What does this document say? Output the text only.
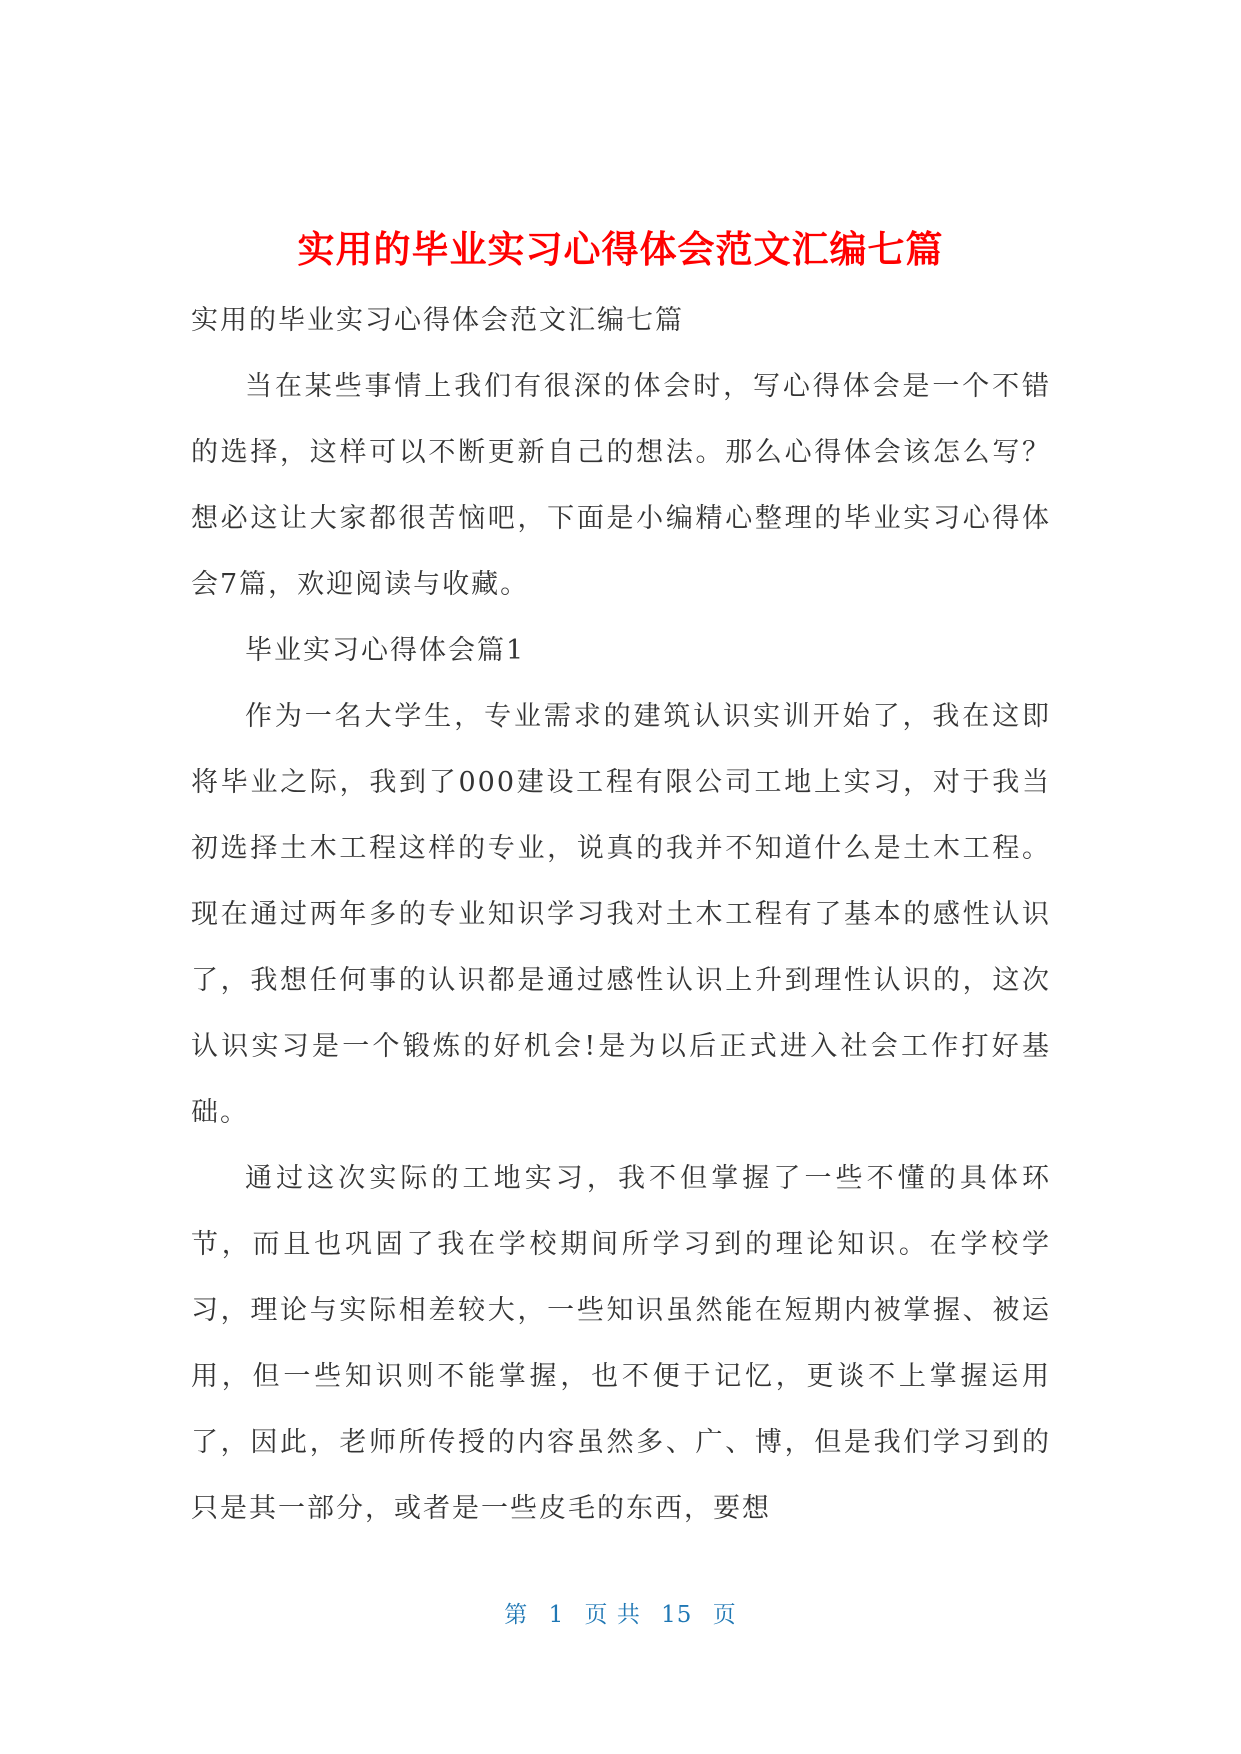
实用的毕业实习心得体会范文汇编七篇

实用的毕业实习心得体会范文汇编七篇

当在某些事情上我们有很深的体会时，写心得体会是一个不错的选择，这样可以不断更新自己的想法。那么心得体会该怎么写？想必这让大家都很苦恼吧，下面是小编精心整理的毕业实习心得体会7篇，欢迎阅读与收藏。

毕业实习心得体会篇1

作为一名大学生，专业需求的建筑认识实训开始了，我在这即将毕业之际，我到了000建设工程有限公司工地上实习，对于我当初选择土木工程这样的专业，说真的我并不知道什么是土木工程。现在通过两年多的专业知识学习我对土木工程有了基本的感性认识了，我想任何事的认识都是通过感性认识上升到理性认识的，这次认识实习是一个锻炼的好机会!是为以后正式进入社会工作打好基础。

通过这次实际的工地实习，我不但掌握了一些不懂的具体环节，而且也巩固了我在学校期间所学习到的理论知识。在学校学习，理论与实际相差较大，一些知识虽然能在短期内被掌握、被运用，但一些知识则不能掌握，也不便于记忆，更谈不上掌握运用了，因此，老师所传授的内容虽然多、广、博，但是我们学习到的只是其一部分，或者是一些皮毛的东西，要想

第 1 页 共 15 页
